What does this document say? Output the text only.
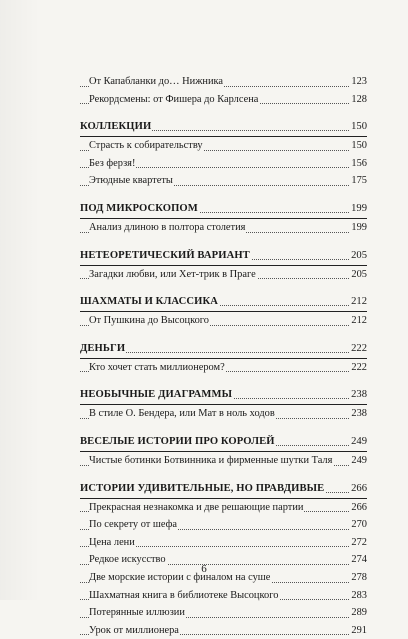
От Капабланки до… Нижника	123
Рекордсмены: от Фишера до Карлсена	128
КОЛЛЕКЦИИ	150
Страсть к собирательству	150
Без ферзя!	156
Этюдные квартеты	175
ПОД МИКРОСКОПОМ	199
Анализ длиною в полтора столетия	199
НЕТЕОРЕТИЧЕСКИЙ ВАРИАНТ	205
Загадки любви, или Хет-трик в Праге	205
ШАХМАТЫ И КЛАССИКА	212
От Пушкина до Высоцкого	212
ДЕНЬГИ	222
Кто хочет стать миллионером?	222
НЕОБЫЧНЫЕ ДИАГРАММЫ	238
В стиле О. Бендера, или Мат в ноль ходов	238
ВЕСЕЛЫЕ ИСТОРИИ ПРО КОРОЛЕЙ	249
Чистые ботинки Ботвинника и фирменные шутки Таля 249
ИСТОРИИ УДИВИТЕЛЬНЫЕ, НО ПРАВДИВЫЕ	266
Прекрасная незнакомка и две решающие партии	266
По секрету от шефа	270
Цена лени	272
Редкое искусство	274
Две морские истории с финалом на суше	278
Шахматная книга в библиотеке Высоцкого	283
Потерянные иллюзии	289
Урок от миллионера	291
6
